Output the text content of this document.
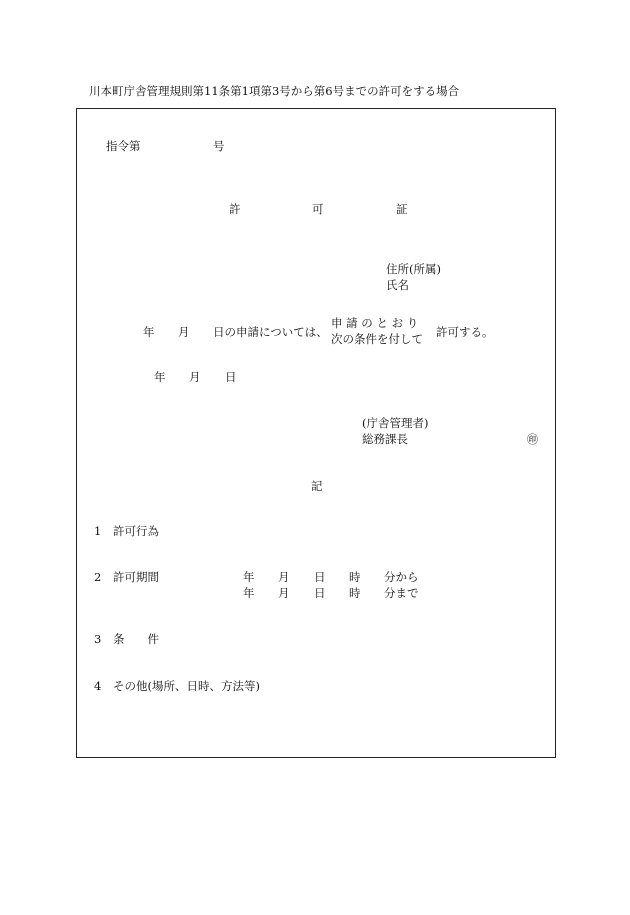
川本町庁舎管理規則第11条第1項第3号から第6号までの許可をする場合
指令第	号
許	可	証
住所(所属)
氏名
年 月 日の申請については、
申 請 の と お り
次の条件を付して 許可する。
年 月 日
(庁舎管理者)
総務課長	㊞
記
1 許可行為
2 許可期間	年 月 日 時 分から
年 月 日 時 分まで
3 条　　件
4 その他(場所、日時、方法等)
